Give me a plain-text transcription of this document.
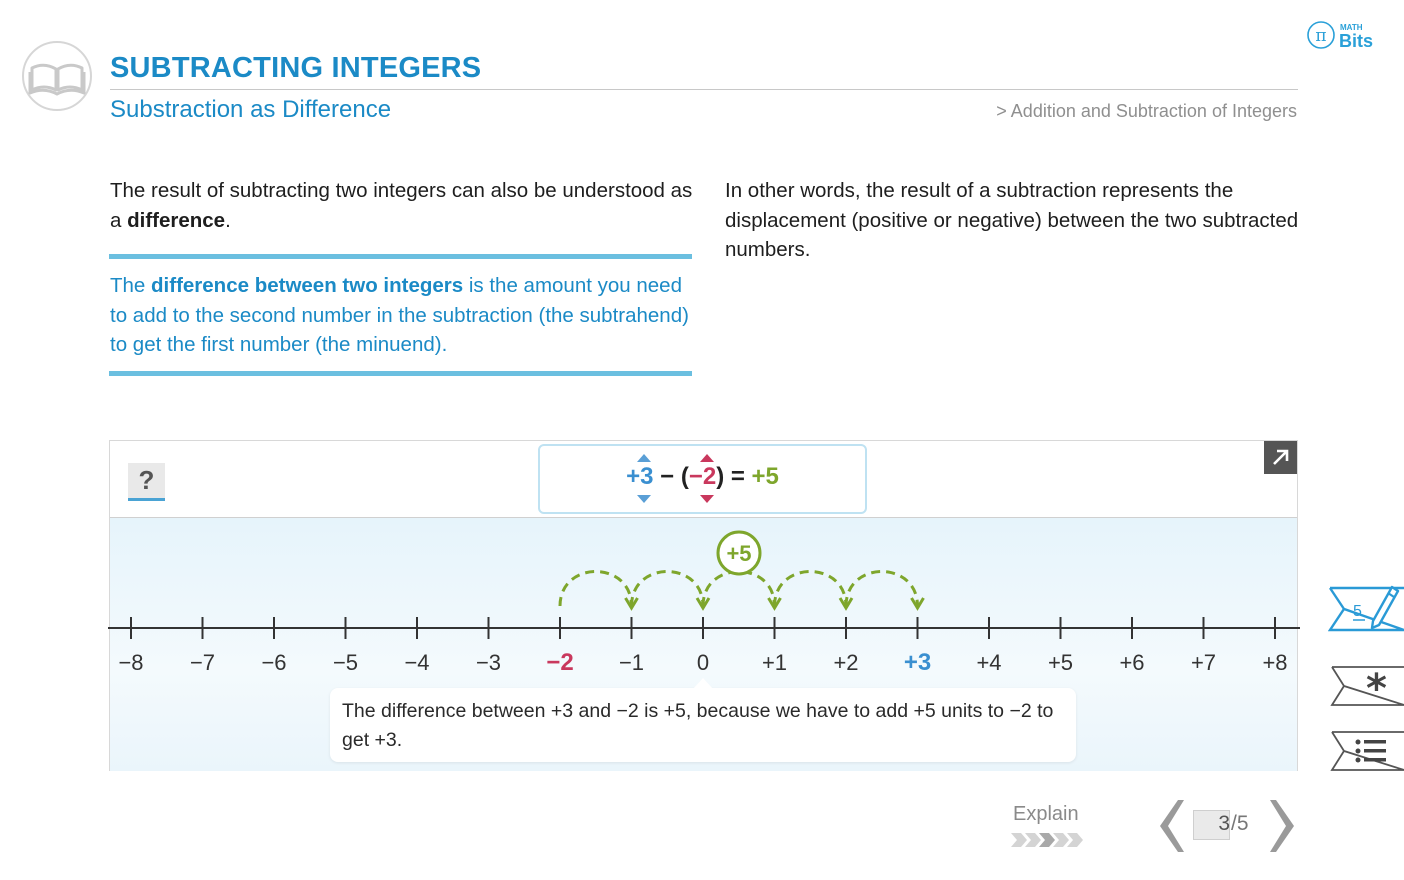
SUBTRACTING INTEGERS
Substraction as Difference	> Addition and Subtraction of Integers
π MATH
Bits
The result of subtracting two integers can also be understood as a difference.
The difference between two integers is the amount you need to add to the second number in the subtraction (the subtrahend) to get the first number (the minuend).
In other words, the result of a subtraction represents the displacement (positive or negative) between the two subtracted numbers.
?	+3 − (−2) = +5
+5
−8 −7 −6 −5 −4 −3 −2 −1 0 +1 +2 +3 +4 +5 +6 +7 +8
The difference between +3 and −2 is +5, because we have to add +5 units to −2 to get +3.
5
*
Explain	3 /5
